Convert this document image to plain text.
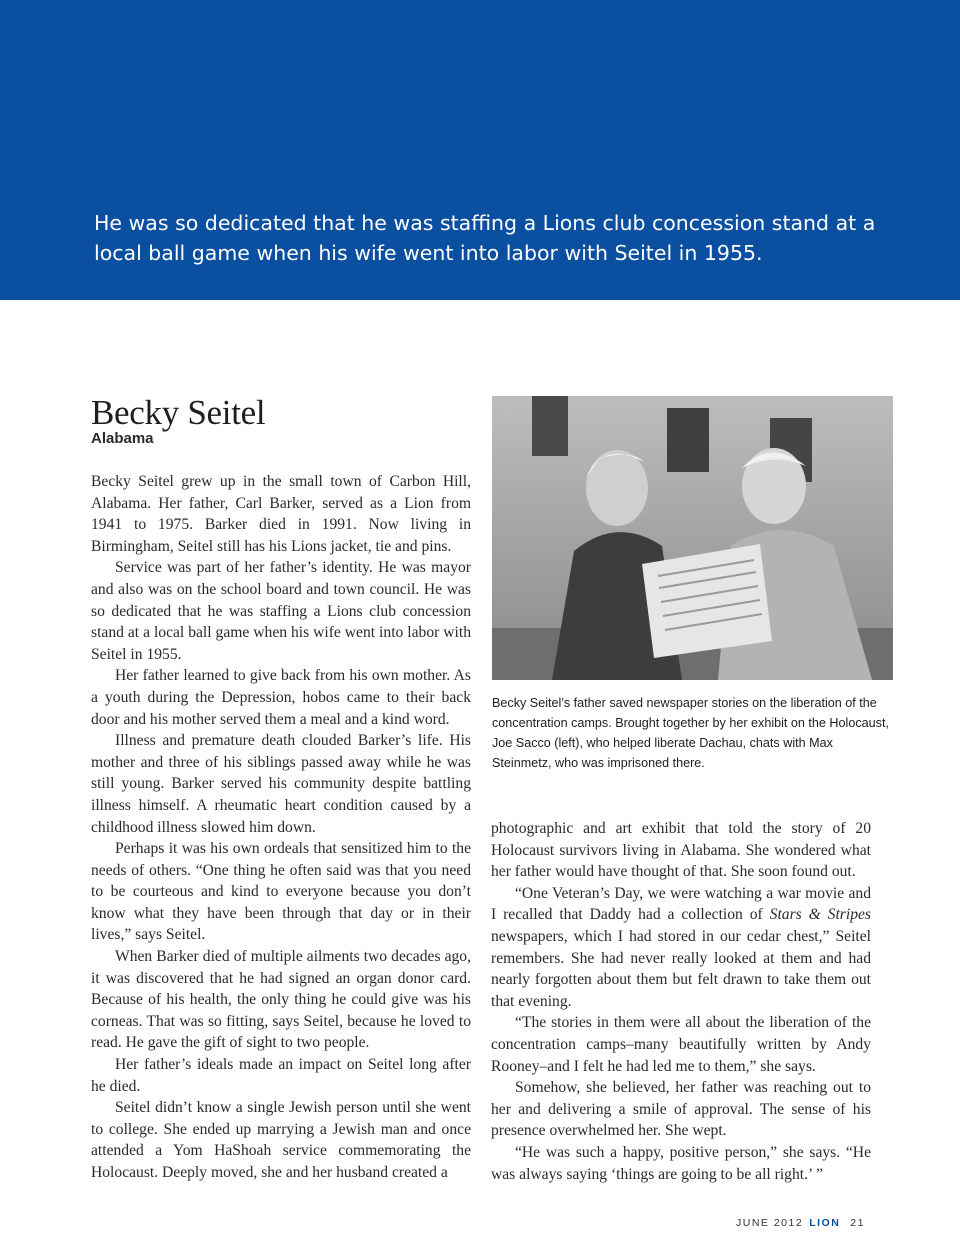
He was so dedicated that he was staffing a Lions club concession stand at a local ball game when his wife went into labor with Seitel in 1955.

Becky Seitel
Alabama

Becky Seitel grew up in the small town of Carbon Hill, Alabama. Her father, Carl Barker, served as a Lion from 1941 to 1975. Barker died in 1991. Now living in Birmingham, Seitel still has his Lions jacket, tie and pins.

Service was part of her father’s identity. He was mayor and also was on the school board and town council. He was so dedicated that he was staffing a Lions club concession stand at a local ball game when his wife went into labor with Seitel in 1955.

Her father learned to give back from his own mother. As a youth during the Depression, hobos came to their back door and his mother served them a meal and a kind word.

Illness and premature death clouded Barker’s life. His mother and three of his siblings passed away while he was still young. Barker served his community despite battling illness himself. A rheumatic heart condition caused by a childhood illness slowed him down.

Perhaps it was his own ordeals that sensitized him to the needs of others. “One thing he often said was that you need to be courteous and kind to everyone because you don’t know what they have been through that day or in their lives,” says Seitel.

When Barker died of multiple ailments two decades ago, it was discovered that he had signed an organ donor card. Because of his health, the only thing he could give was his corneas. That was so fitting, says Seitel, because he loved to read. He gave the gift of sight to two people.

Her father’s ideals made an impact on Seitel long after he died.

Seitel didn’t know a single Jewish person until she went to college. She ended up marrying a Jewish man and once attended a Yom HaShoah service commemorating the Holocaust. Deeply moved, she and her husband created a

Becky Seitel’s father saved newspaper stories on the liberation of the concentration camps. Brought together by her exhibit on the Holocaust, Joe Sacco (left), who helped liberate Dachau, chats with Max Steinmetz, who was imprisoned there.

photographic and art exhibit that told the story of 20 Holocaust survivors living in Alabama. She wondered what her father would have thought of that. She soon found out.

“One Veteran’s Day, we were watching a war movie and I recalled that Daddy had a collection of Stars & Stripes newspapers, which I had stored in our cedar chest,” Seitel remembers. She had never really looked at them and had nearly forgotten about them but felt drawn to take them out that evening.

“The stories in them were all about the liberation of the concentration camps–many beautifully written by Andy Rooney–and I felt he had led me to them,” she says.

Somehow, she believed, her father was reaching out to her and delivering a smile of approval. The sense of his presence overwhelmed her. She wept.

“He was such a happy, positive person,” she says. “He was always saying ‘things are going to be all right.’ ”

JUNE 2012 LION 21
